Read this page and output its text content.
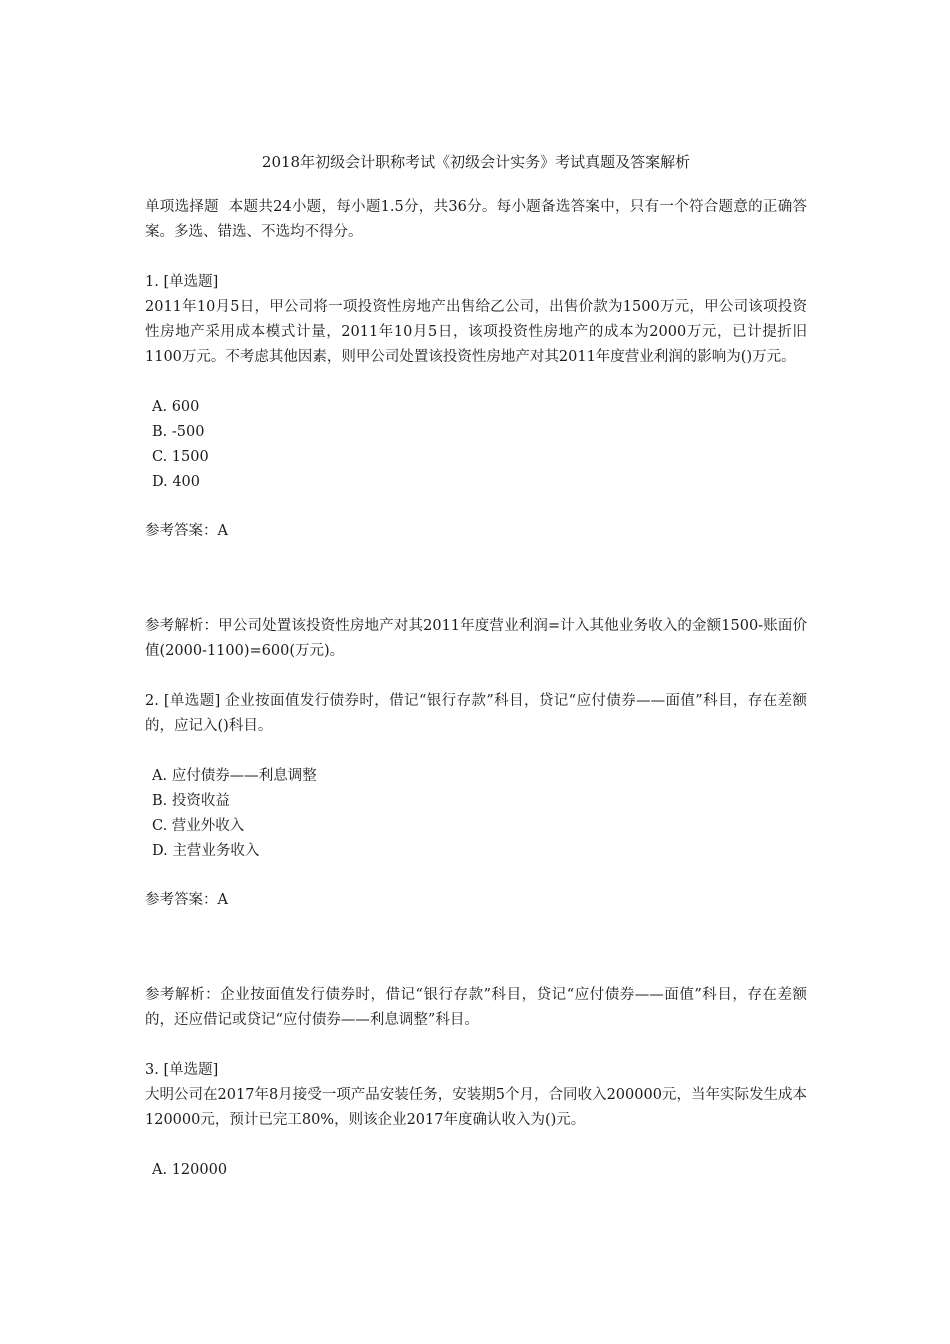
2018年初级会计职称考试《初级会计实务》考试真题及答案解析

单项选择题  本题共24小题，每小题1.5分，共36分。每小题备选答案中，只有一个符合题意的正确答案。多选、错选、不选均不得分。

1. [单选题]

2011年10月5日，甲公司将一项投资性房地产出售给乙公司，出售价款为1500万元，甲公司该项投资性房地产采用成本模式计量，2011年10月5日，该项投资性房地产的成本为2000万元，已计提折旧1100万元。不考虑其他因素，则甲公司处置该投资性房地产对其2011年度营业利润的影响为()万元。

A. 600
B. -500
C. 1500
D. 400

参考答案：A

参考解析：甲公司处置该投资性房地产对其2011年度营业利润=计入其他业务收入的金额1500-账面价值(2000-1100)=600(万元)。

2. [单选题] 企业按面值发行债券时，借记“银行存款”科目，贷记“应付债券——面值”科目，存在差额的，应记入()科目。

A. 应付债券——利息调整
B. 投资收益
C. 营业外收入
D. 主营业务收入

参考答案：A

参考解析：企业按面值发行债券时，借记“银行存款”科目，贷记“应付债券——面值”科目，存在差额的，还应借记或贷记“应付债券——利息调整”科目。

3. [单选题]

大明公司在2017年8月接受一项产品安装任务，安装期5个月，合同收入200000元，当年实际发生成本120000元，预计已完工80%，则该企业2017年度确认收入为()元。

A. 120000
